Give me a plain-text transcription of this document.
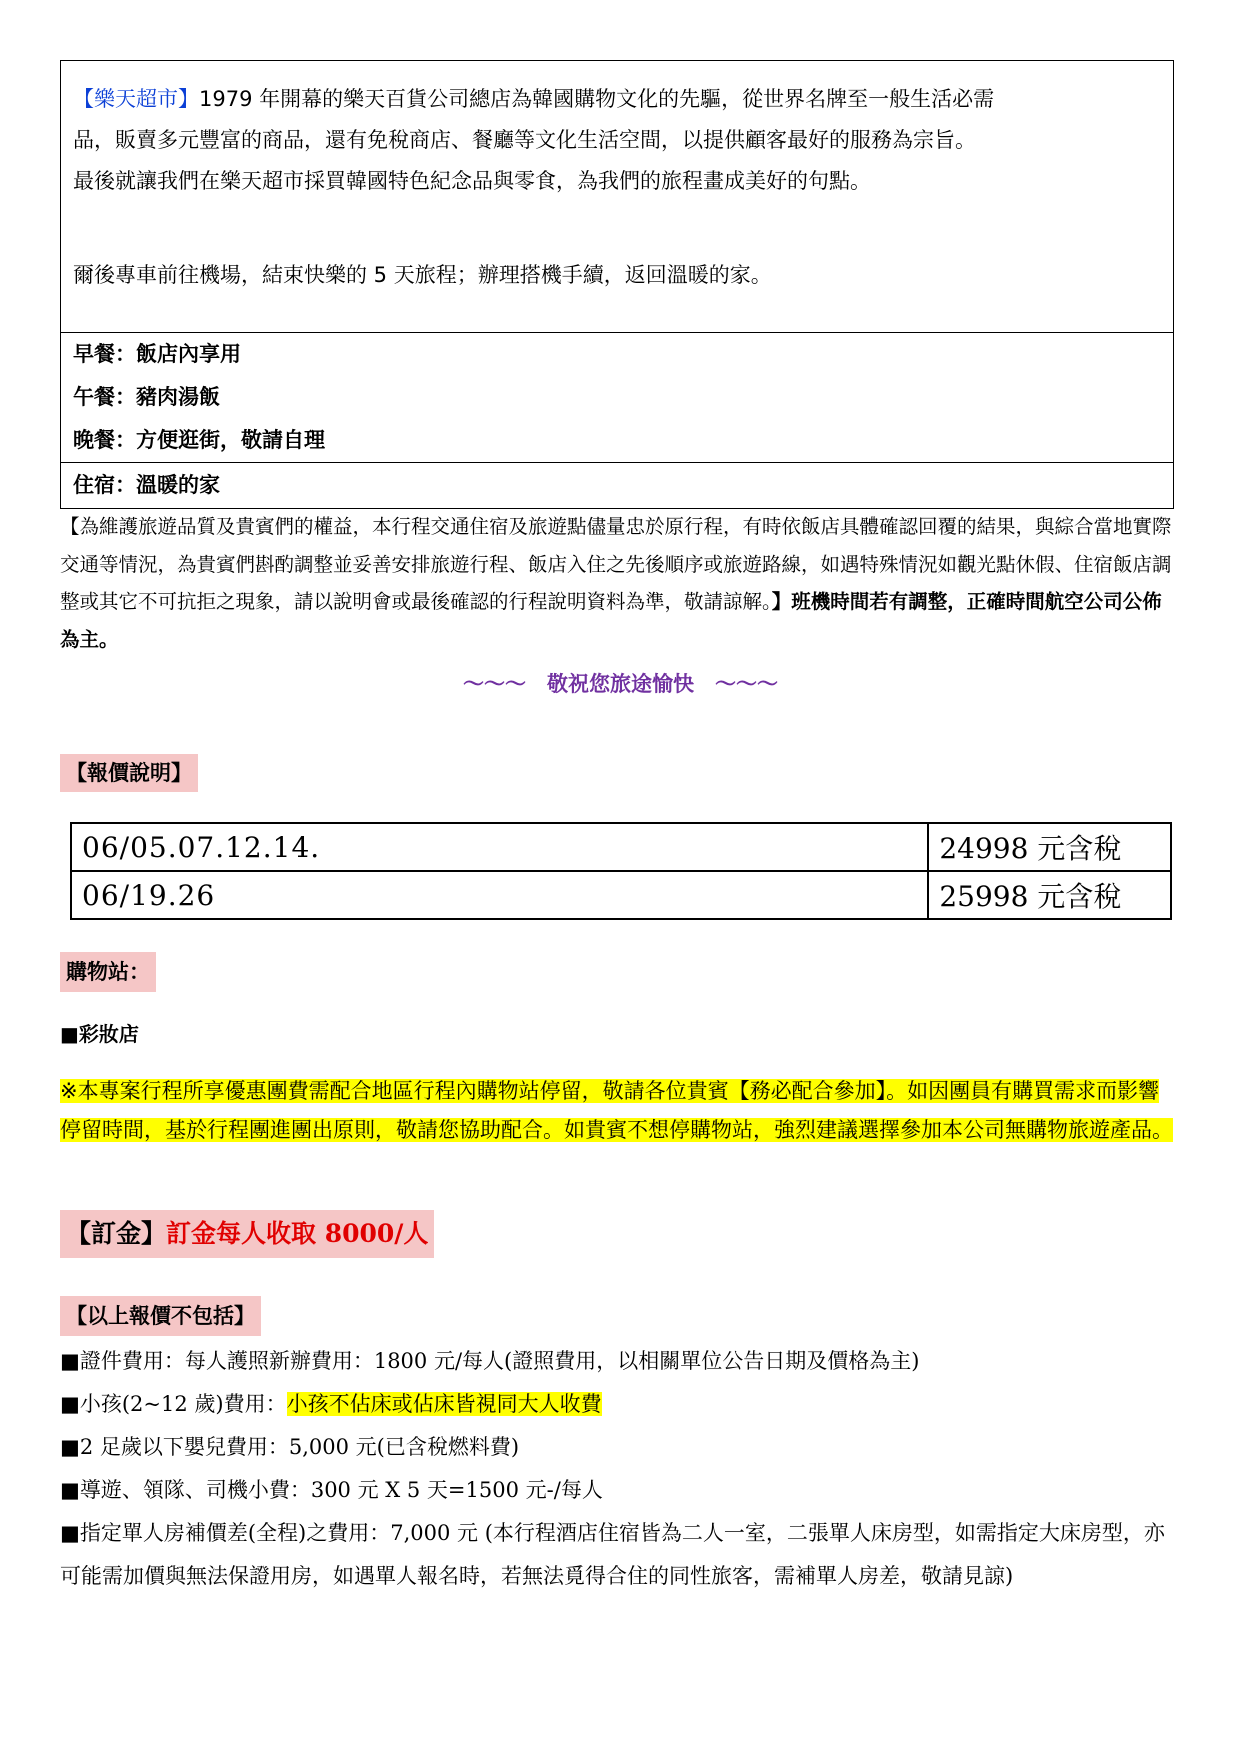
【樂天超市】1979 年開幕的樂天百貨公司總店為韓國購物文化的先驅，從世界名牌至一般生活必需

品，販賣多元豐富的商品，還有免稅商店、餐廳等文化生活空間，以提供顧客最好的服務為宗旨。

最後就讓我們在樂天超市採買韓國特色紀念品與零食，為我們的旅程畫成美好的句點。

爾後專車前往機場，結束快樂的 5 天旅程；辦理搭機手續，返回溫暖的家。

早餐：飯店內享用
午餐：豬肉湯飯
晚餐：方便逛街，敬請自理
住宿：溫暖的家
【為維護旅遊品質及貴賓們的權益，本行程交通住宿及旅遊點儘量忠於原行程，有時依飯店具體確認回覆的結果，與綜合當地實際交通等情況，為貴賓們斟酌調整並妥善安排旅遊行程、飯店入住之先後順序或旅遊路線，如遇特殊情況如觀光點休假、住宿飯店調整或其它不可抗拒之現象，請以說明會或最後確認的行程說明資料為準，敬請諒解。】班機時間若有調整，正確時間航空公司公佈為主。
～～～　敬祝您旅途愉快　～～～
【報價說明】
06/05.07.12.14.	24998 元含稅
06/19.26	25998 元含稅
購物站：
■彩妝店
※本專案行程所享優惠團費需配合地區行程內購物站停留，敬請各位貴賓【務必配合參加】。如因團員有購買需求而影響停留時間，基於行程團進團出原則，敬請您協助配合。如貴賓不想停購物站，強烈建議選擇參加本公司無購物旅遊產品。
【訂金】訂金每人收取 8000/人
【以上報價不包括】

■證件費用：每人護照新辦費用：1800 元/每人(證照費用，以相關單位公告日期及價格為主)

■小孩(2~12 歲)費用：小孩不佔床或佔床皆視同大人收費

■2 足歲以下嬰兒費用：5,000 元(已含稅燃料費)

■導遊、領隊、司機小費：300 元 X 5 天=1500 元-/每人

■指定單人房補價差(全程)之費用：7,000 元 (本行程酒店住宿皆為二人一室，二張單人床房型，如需指定大床房型，亦可能需加價與無法保證用房，如遇單人報名時，若無法覓得合住的同性旅客，需補單人房差，敬請見諒)
